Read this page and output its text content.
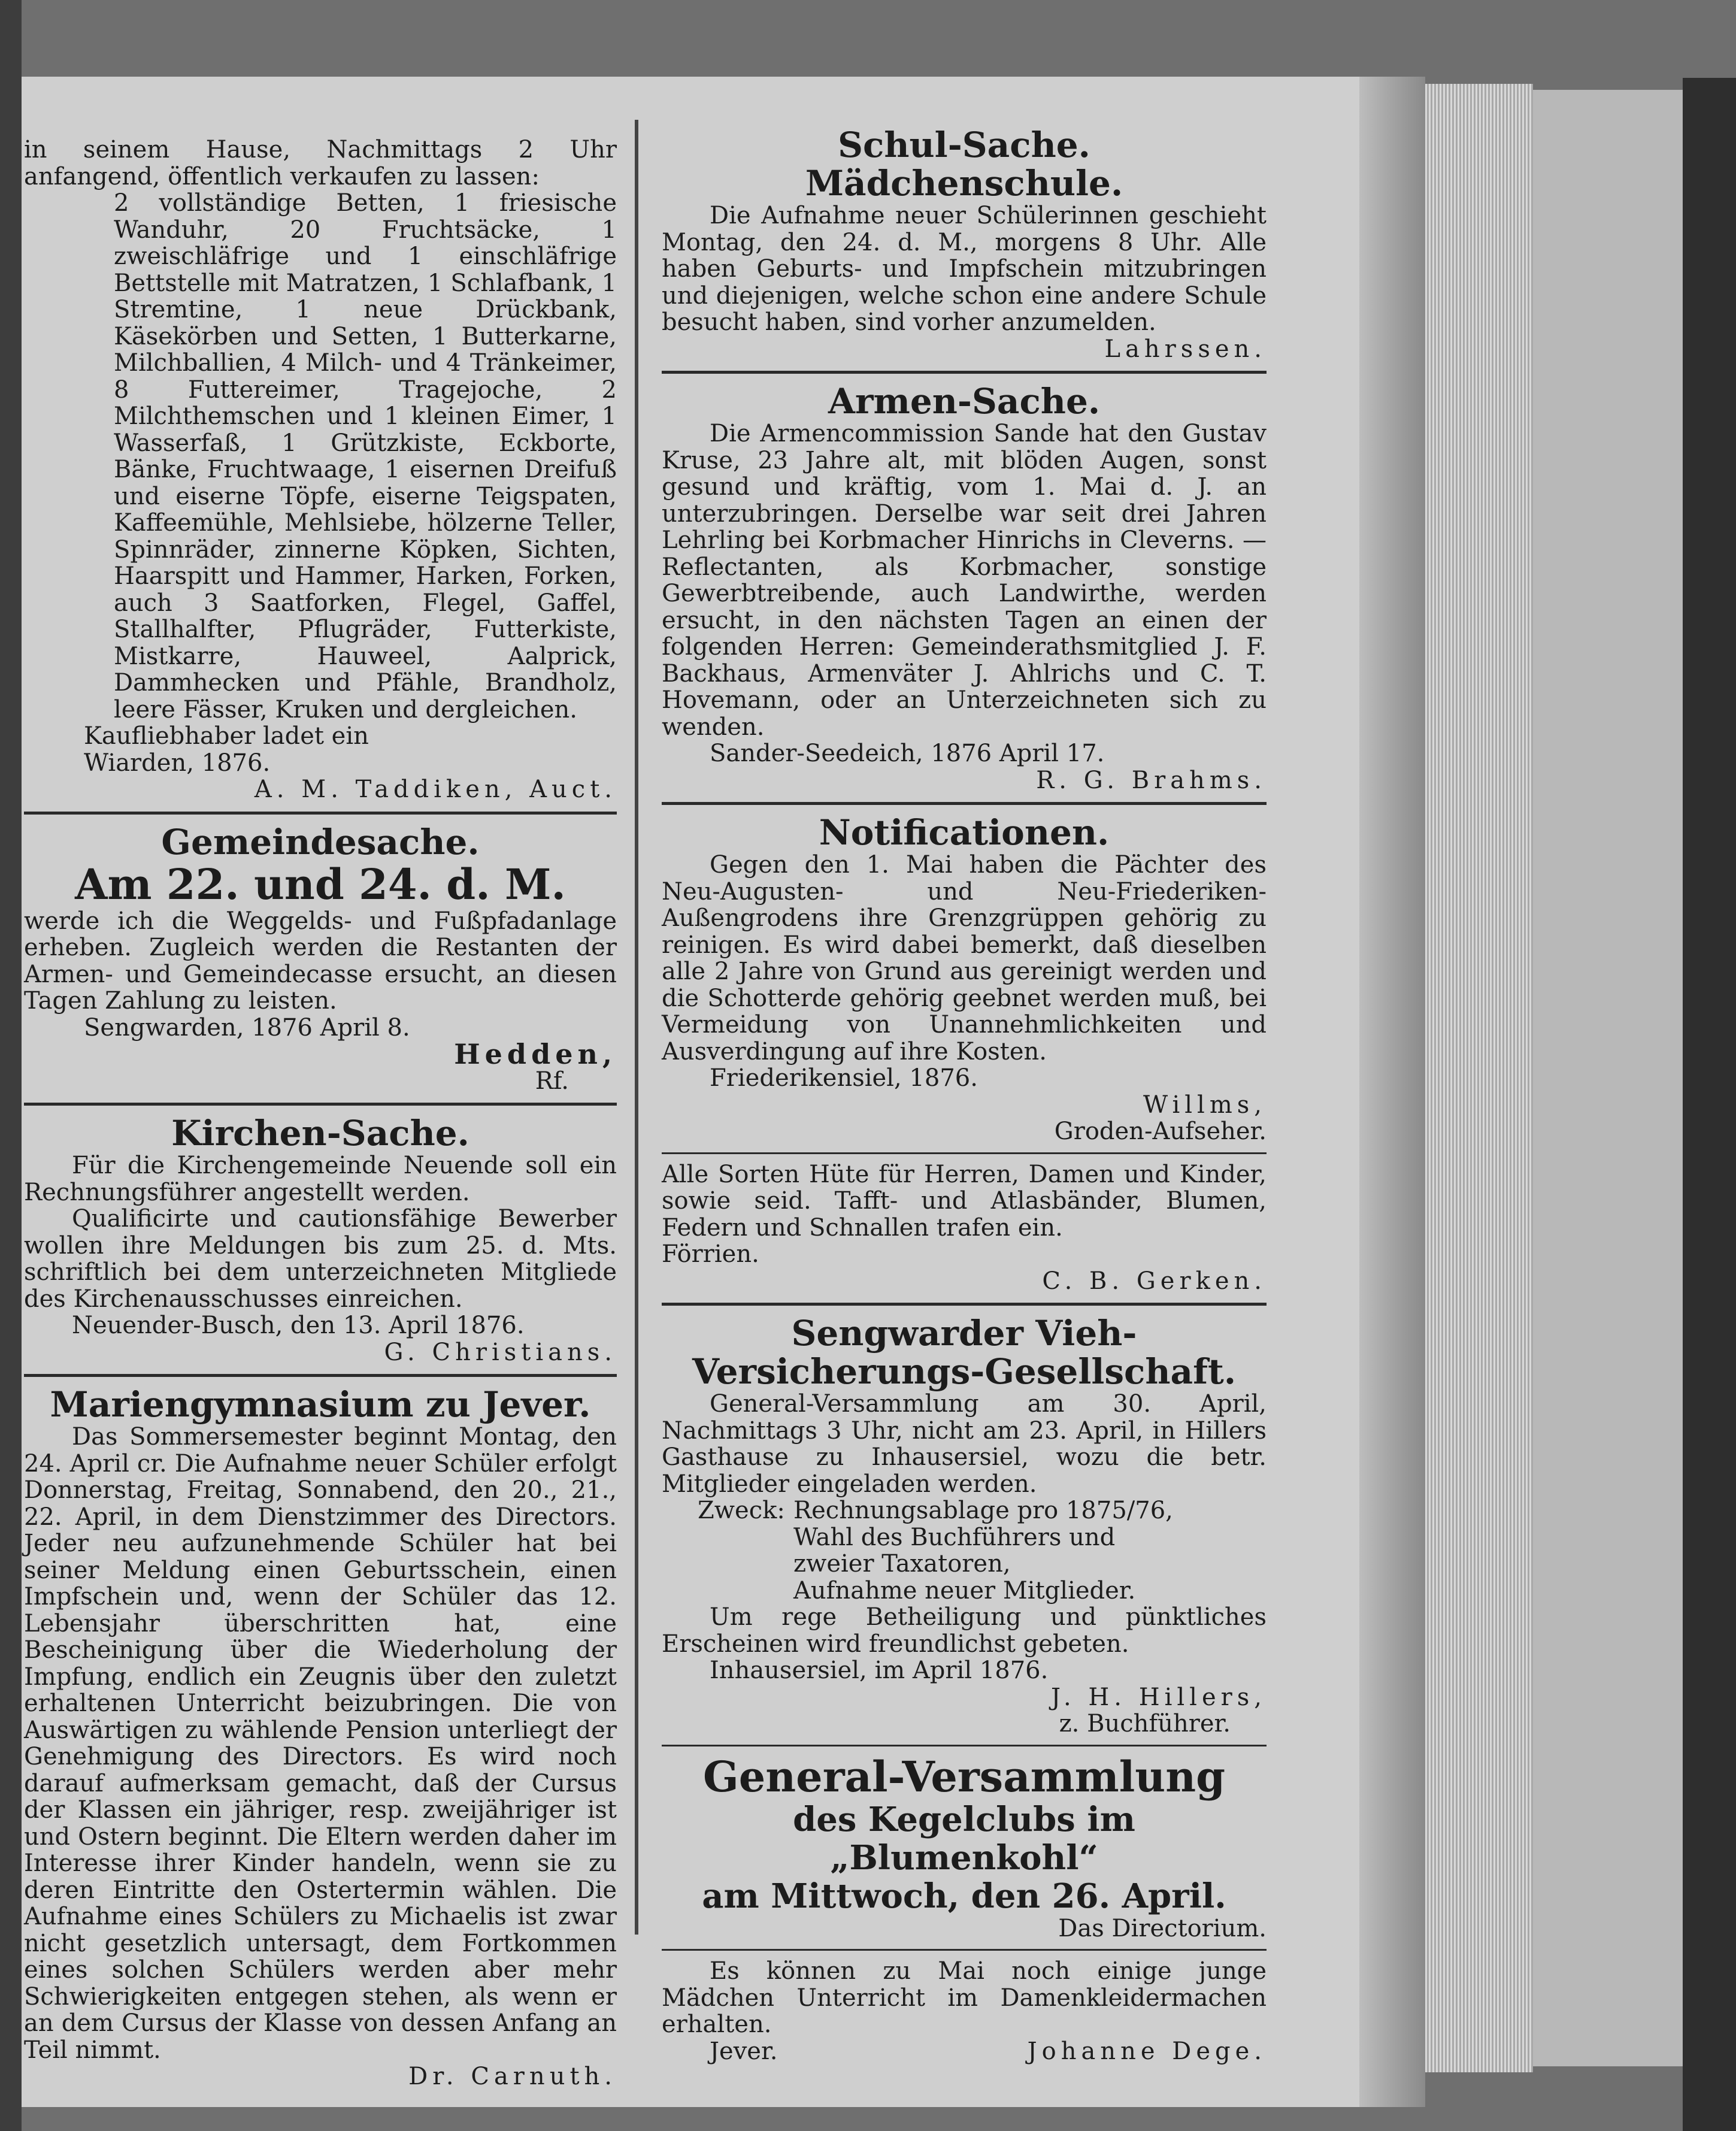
in seinem Hause, Nachmittags 2 Uhr anfangend, öffentlich verkaufen zu lassen:

2 vollständige Betten, 1 friesische Wanduhr, 20 Fruchtsäcke, 1 zweischläfrige und 1 einschläfrige Bettstelle mit Matratzen, 1 Schlafbank, 1 Stremtine, 1 neue Drückbank, Käsekörben und Setten, 1 Butterkarne, Milchballien, 4 Milch- und 4 Tränkeimer, 8 Futtereimer, Tragejoche, 2 Milchthemschen und 1 kleinen Eimer, 1 Wasserfaß, 1 Grützkiste, Eckborte, Bänke, Fruchtwaage, 1 eisernen Dreifuß und eiserne Töpfe, eiserne Teigspaten, Kaffeemühle, Mehlsiebe, hölzerne Teller, Spinnräder, zinnerne Köpken, Sichten, Haarspitt und Hammer, Harken, Forken, auch 3 Saatforken, Flegel, Gaffel, Stallhalfter, Pflugräder, Futterkiste, Mistkarre, Hauweel, Aalprick, Dammhecken und Pfähle, Brandholz, leere Fässer, Kruken und dergleichen.

Kaufliebhaber ladet ein

Wiarden, 1876.

A. M. Taddiken, Auct.

Gemeindesache.
Am 22. und 24. d. M.

werde ich die Weggelds- und Fußpfadanlage erheben. Zugleich werden die Restanten der Armen- und Gemeindecasse ersucht, an diesen Tagen Zahlung zu leisten.

Sengwarden, 1876 April 8.

Hedden,

Rf.

Kirchen-Sache.

Für die Kirchengemeinde Neuende soll ein Rechnungsführer angestellt werden.

Qualificirte und cautionsfähige Bewerber wollen ihre Meldungen bis zum 25. d. Mts. schriftlich bei dem unterzeichneten Mitgliede des Kirchenausschusses einreichen.

Neuender-Busch, den 13. April 1876.

G. Christians.

Mariengymnasium zu Jever.

Das Sommersemester beginnt Montag, den 24. April cr. Die Aufnahme neuer Schüler erfolgt Donnerstag, Freitag, Sonnabend, den 20., 21., 22. April, in dem Dienstzimmer des Directors. Jeder neu aufzunehmende Schüler hat bei seiner Meldung einen Geburtsschein, einen Impfschein und, wenn der Schüler das 12. Lebensjahr überschritten hat, eine Bescheinigung über die Wiederholung der Impfung, endlich ein Zeugnis über den zuletzt erhaltenen Unterricht beizubringen. Die von Auswärtigen zu wählende Pension unterliegt der Genehmigung des Directors. Es wird noch darauf aufmerksam gemacht, daß der Cursus der Klassen ein jähriger, resp. zweijähriger ist und Ostern beginnt. Die Eltern werden daher im Interesse ihrer Kinder handeln, wenn sie zu deren Eintritte den Ostertermin wählen. Die Aufnahme eines Schülers zu Michaelis ist zwar nicht gesetzlich untersagt, dem Fortkommen eines solchen Schülers werden aber mehr Schwierigkeiten entgegen stehen, als wenn er an dem Cursus der Klasse von dessen Anfang an Teil nimmt.

Dr. Carnuth.

Schul-Sache.
Mädchenschule.

Die Aufnahme neuer Schülerinnen geschieht Montag, den 24. d. M., morgens 8 Uhr. Alle haben Geburts- und Impfschein mitzubringen und diejenigen, welche schon eine andere Schule besucht haben, sind vorher anzumelden.

Lahrssen.

Armen-Sache.

Die Armencommission Sande hat den Gustav Kruse, 23 Jahre alt, mit blöden Augen, sonst gesund und kräftig, vom 1. Mai d. J. an unterzubringen. Derselbe war seit drei Jahren Lehrling bei Korbmacher Hinrichs in Cleverns. — Reflectanten, als Korbmacher, sonstige Gewerbtreibende, auch Landwirthe, werden ersucht, in den nächsten Tagen an einen der folgenden Herren: Gemeinderathsmitglied J. F. Backhaus, Armenväter J. Ahlrichs und C. T. Hovemann, oder an Unterzeichneten sich zu wenden.

Sander-Seedeich, 1876 April 17.

R. G. Brahms.

Notificationen.

Gegen den 1. Mai haben die Pächter des Neu-Augusten- und Neu-Friederiken-Außengrodens ihre Grenzgrüppen gehörig zu reinigen. Es wird dabei bemerkt, daß dieselben alle 2 Jahre von Grund aus gereinigt werden und die Schotterde gehörig geebnet werden muß, bei Vermeidung von Unannehmlichkeiten und Ausverdingung auf ihre Kosten.

Friederikensiel, 1876.

Willms,

Groden-Aufseher.

Alle Sorten Hüte für Herren, Damen und Kinder, sowie seid. Tafft- und Atlasbänder, Blumen, Federn und Schnallen trafen ein.

Förrien.

C. B. Gerken.

Sengwarder Vieh-Versicherungs-Gesellschaft.

General-Versammlung am 30. April, Nachmittags 3 Uhr, nicht am 23. April, in Hillers Gasthause zu Inhausersiel, wozu die betr. Mitglieder eingeladen werden.

Zweck: Rechnungsablage pro 1875/76,

Wahl des Buchführers und

zweier Taxatoren,

Aufnahme neuer Mitglieder.

Um rege Betheiligung und pünktliches Erscheinen wird freundlichst gebeten.

Inhausersiel, im April 1876.

J. H. Hillers,

z. Buchführer.

General-Versammlung
des Kegelclubs im „Blumenkohl“
am Mittwoch, den 26. April.

Das Directorium.

Es können zu Mai noch einige junge Mädchen Unterricht im Damenkleidermachen erhalten.

Jever.	Johanne Dege.
